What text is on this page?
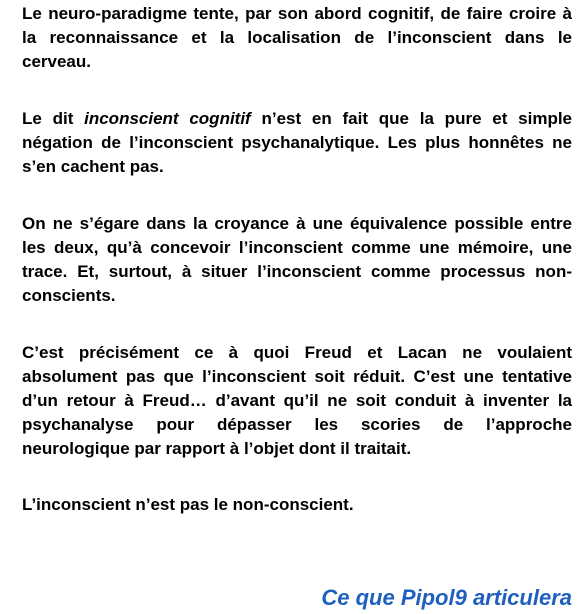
Le neuro-paradigme tente, par son abord cognitif, de faire croire à la reconnaissance et la localisation de l’inconscient dans le cerveau.

Le dit inconscient cognitif n’est en fait que la pure et simple négation de l’inconscient psychanalytique. Les plus honnêtes ne s’en cachent pas.

On ne s’égare dans la croyance à une équivalence possible entre les deux, qu’à concevoir l’inconscient comme une mémoire, une trace. Et, surtout, à situer l’inconscient comme processus non-conscients.

C’est précisément ce à quoi Freud et Lacan ne voulaient absolument pas que l’inconscient soit réduit. C’est une tentative d’un retour à Freud… d’avant qu’il ne soit conduit à inventer la psychanalyse pour dépasser les scories de l’approche neurologique par rapport à l’objet dont il traitait.

L’inconscient n’est pas le non-conscient.

Ce que Pipol9 articulera
